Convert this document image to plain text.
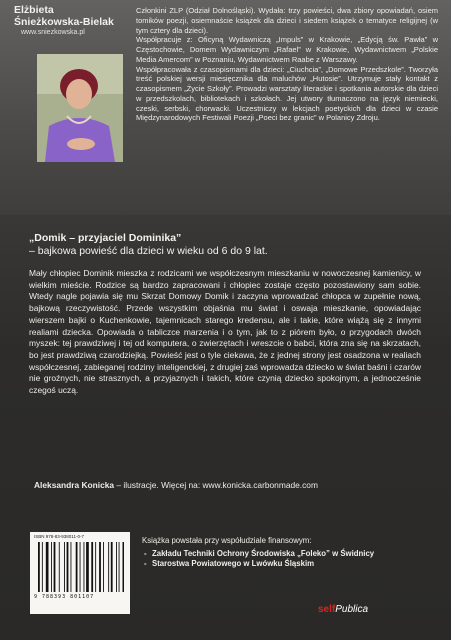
Elżbieta
Śnieżkowska-Bielak
www.sniezkowska.pl

Członkini ZLP (Odział Dolnośląski). Wydała: trzy powieści, dwa zbiory opowiadań, osiem tomików poezji, osiemnaście książek dla dzieci i siedem książek o tematyce religijnej (w tym cztery dla dzieci).

Współpracuje z: Oficyną Wydawniczą „Impuls” w Krakowie, „Edycją św. Pawła” w Częstochowie, Domem Wydawniczym „Rafael” w Krakowie, Wydawnictwem „Polskie Media Amercom” w Poznaniu, Wydawnictwem Raabe z Warszawy.

Współpracowała z czasopismami dla dzieci: „Ciuchcia”, „Domowe Przedszkole”. Tworzyła treść polskiej wersji miesięcznika dla maluchów „Hutosie”. Utrzymuje stały kontakt z czasopismem „Życie Szkoły”. Prowadzi warsztaty literackie i spotkania autorskie dla dzieci w przedszkolach, bibliotekach i szkołach. Jej utwory tłumaczono na język niemiecki, czeski, serbski, chorwacki. Uczestniczy w lekcjach poetyckich dla dzieci w czasie Międzynarodowych Festiwali Poezji „Poeci bez granic” w Polanicy Zdroju.

„Domik – przyjaciel Dominika”
– bajkowa powieść dla dzieci w wieku od 6 do 9 lat.

Mały chłopiec Dominik mieszka z rodzicami we współczesnym mieszkaniu w nowoczesnej kamienicy, w wielkim mieście. Rodzice są bardzo zapracowani i chłopiec zostaje często pozostawiony sam sobie. Wtedy nagle pojawia się mu Skrzat Domowy Domik i zaczyna wprowadzać chłopca w zupełnie nową, bajkową rzeczywistość. Przede wszystkim objaśnia mu świat i oswaja mieszkanie, opowiadając wierszem bajki o Kuchenkowie, tajemnicach starego kredensu, ale i takie, które wiążą się z innymi realiami dziecka. Opowiada o tabliczce marzenia i o tym, jak to z piórem było, o przygodach dwóch myszek: tej prawdziwej i tej od komputera, o zwierzętach i wreszcie o babci, która zna się na skrzatach, bo jest prawdziwą czarodziejką. Powieść jest o tyle ciekawa, że z jednej strony jest osadzona w realiach współczesnej, zabieganej rodziny inteligenckiej, z drugiej zaś wprowadza dziecko w świat baśni i czarów nie groźnych, nie strasznych, a przyjaznych i takich, które czynią dziecko spokojnym, a jednocześnie czegoś uczą.

Aleksandra Konicka – ilustracje. Więcej na: www.konicka.carbonmade.com
ISBN 978-83-938011-0-7
9 788393 801107
Książka powstała przy współudziale finansowym:
- Zakładu Techniki Ochrony Środowiska „Foleko” w Świdnicy
- Starostwa Powiatowego w Lwówku Śląskim
selfPublica
